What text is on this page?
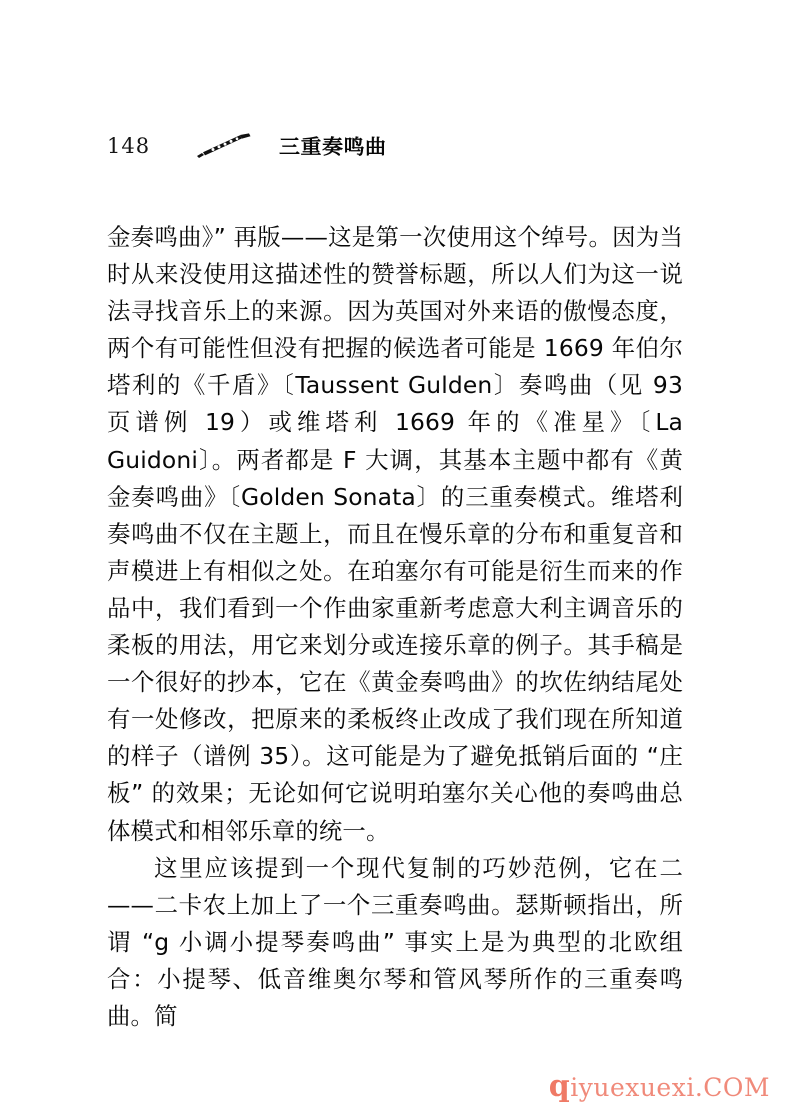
148	三重奏鸣曲

金奏鸣曲》” 再版——这是第一次使用这个绰号。因为当时从来没使用这描述性的赞誉标题，所以人们为这一说法寻找音乐上的来源。因为英国对外来语的傲慢态度，两个有可能性但没有把握的候选者可能是 1669 年伯尔塔利的《千盾》〔Taussent Gulden〕奏鸣曲（见 93 页谱例 19）或维塔利 1669 年的《准星》〔La Guidoni〕。两者都是 F 大调，其基本主题中都有《黄金奏鸣曲》〔Golden Sonata〕的三重奏模式。维塔利奏鸣曲不仅在主题上，而且在慢乐章的分布和重复音和声模进上有相似之处。在珀塞尔有可能是衍生而来的作品中，我们看到一个作曲家重新考虑意大利主调音乐的柔板的用法，用它来划分或连接乐章的例子。其手稿是一个很好的抄本，它在《黄金奏鸣曲》的坎佐纳结尾处有一处修改，把原来的柔板终止改成了我们现在所知道的样子（谱例 35）。这可能是为了避免抵销后面的 “庄板” 的效果；无论如何它说明珀塞尔关心他的奏鸣曲总体模式和相邻乐章的统一。

这里应该提到一个现代复制的巧妙范例，它在二——二卡农上加上了一个三重奏鸣曲。瑟斯顿指出，所谓 “g 小调小提琴奏鸣曲” 事实上是为典型的北欧组合：小提琴、低音维奥尔琴和管风琴所作的三重奏鸣曲。简

qiyuexuexi.COM
